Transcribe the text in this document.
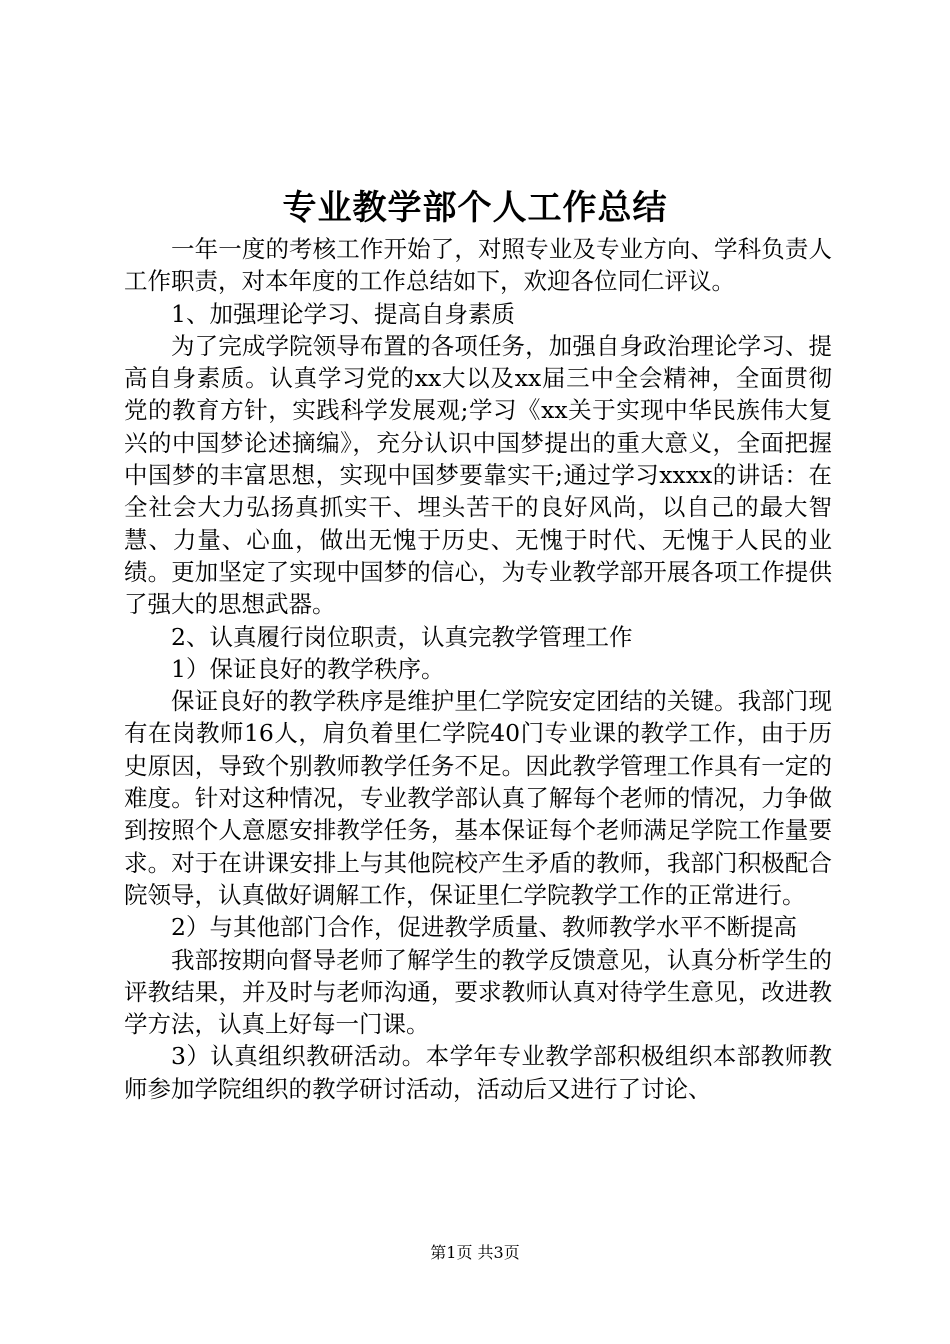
专业教学部个人工作总结

一年一度的考核工作开始了，对照专业及专业方向、学科负责人工作职责，对本年度的工作总结如下，欢迎各位同仁评议。

1、加强理论学习、提高自身素质

为了完成学院领导布置的各项任务，加强自身政治理论学习、提高自身素质。认真学习党的xx大以及xx届三中全会精神，全面贯彻党的教育方针，实践科学发展观;学习《xx关于实现中华民族伟大复兴的中国梦论述摘编》，充分认识中国梦提出的重大意义，全面把握中国梦的丰富思想，实现中国梦要靠实干;通过学习xxxx的讲话：在全社会大力弘扬真抓实干、埋头苦干的良好风尚，以自己的最大智慧、力量、心血，做出无愧于历史、无愧于时代、无愧于人民的业绩。更加坚定了实现中国梦的信心，为专业教学部开展各项工作提供了强大的思想武器。

2、认真履行岗位职责，认真完教学管理工作

1）保证良好的教学秩序。

保证良好的教学秩序是维护里仁学院安定团结的关键。我部门现有在岗教师16人，肩负着里仁学院40门专业课的教学工作，由于历史原因，导致个别教师教学任务不足。因此教学管理工作具有一定的难度。针对这种情况，专业教学部认真了解每个老师的情况，力争做到按照个人意愿安排教学任务，基本保证每个老师满足学院工作量要求。对于在讲课安排上与其他院校产生矛盾的教师，我部门积极配合院领导，认真做好调解工作，保证里仁学院教学工作的正常进行。

2）与其他部门合作，促进教学质量、教师教学水平不断提高

我部按期向督导老师了解学生的教学反馈意见，认真分析学生的评教结果，并及时与老师沟通，要求教师认真对待学生意见，改进教学方法，认真上好每一门课。

3）认真组织教研活动。本学年专业教学部积极组织本部教师教师参加学院组织的教学研讨活动，活动后又进行了讨论、

第1页 共3页
